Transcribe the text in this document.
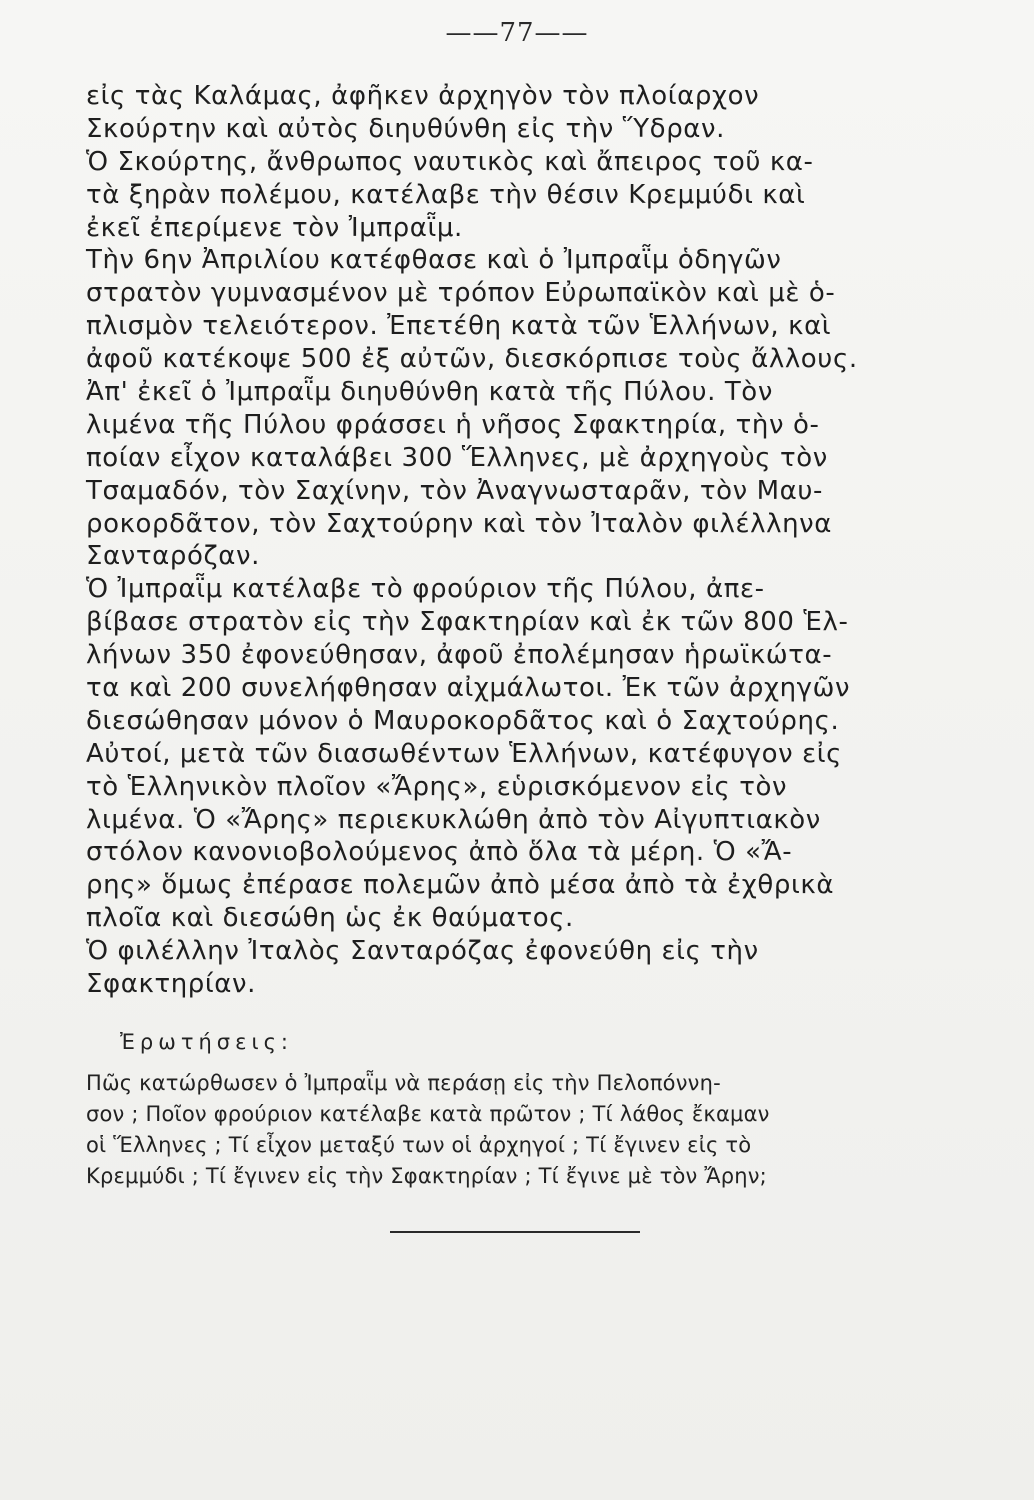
——77——
εἰς τὰς Καλάμας, ἀφῆκεν ἀρχηγὸν τὸν πλοίαρχον
Σκούρτην καὶ αὐτὸς διηυθύνθη εἰς τὴν Ὕδραν.
Ὁ Σκούρτης, ἄνθρωπος ναυτικὸς καὶ ἄπειρος τοῦ κα-
τὰ ξηρὰν πολέμου, κατέλαβε τὴν θέσιν Κρεμμύδι καὶ
ἐκεῖ ἐπερίμενε τὸν Ἰμπραῗμ.
Τὴν 6ην Ἀπριλίου κατέφθασε καὶ ὁ Ἰμπραῗμ ὁδηγῶν
στρατὸν γυμνασμένον μὲ τρόπον Εὐρωπαϊκὸν καὶ μὲ ὁ-
πλισμὸν τελειότερον. Ἐπετέθη κατὰ τῶν Ἑλλήνων, καὶ
ἀφοῦ κατέκοψε 500 ἐξ αὐτῶν, διεσκόρπισε τοὺς ἄλλους.
Ἀπ' ἐκεῖ ὁ Ἰμπραῗμ διηυθύνθη κατὰ τῆς Πύλου. Τὸν
λιμένα τῆς Πύλου φράσσει ἡ νῆσος Σφακτηρία, τὴν ὁ-
ποίαν εἶχον καταλάβει 300 Ἕλληνες, μὲ ἀρχηγοὺς τὸν
Τσαμαδόν, τὸν Σαχίνην, τὸν Ἀναγνωσταρᾶν, τὸν Μαυ-
ροκορδᾶτον, τὸν Σαχτούρην καὶ τὸν Ἰταλὸν φιλέλληνα
Σανταρόζαν.
Ὁ Ἰμπραῗμ κατέλαβε τὸ φρούριον τῆς Πύλου, ἀπε-
βίβασε στρατὸν εἰς τὴν Σφακτηρίαν καὶ ἐκ τῶν 800 Ἑλ-
λήνων 350 ἐφονεύθησαν, ἀφοῦ ἐπολέμησαν ἡρωϊκώτα-
τα καὶ 200 συνελήφθησαν αἰχμάλωτοι. Ἐκ τῶν ἀρχηγῶν
διεσώθησαν μόνον ὁ Μαυροκορδᾶτος καὶ ὁ Σαχτούρης.
Αὐτοί, μετὰ τῶν διασωθέντων Ἑλλήνων, κατέφυγον εἰς
τὸ Ἑλληνικὸν πλοῖον «Ἄρης», εὑρισκόμενον εἰς τὸν
λιμένα. Ὁ «Ἄρης» περιεκυκλώθη ἀπὸ τὸν Αἰγυπτιακὸν
στόλον κανονιοβολούμενος ἀπὸ ὅλα τὰ μέρη. Ὁ «Ἄ-
ρης» ὅμως ἐπέρασε πολεμῶν ἀπὸ μέσα ἀπὸ τὰ ἐχθρικὰ
πλοῖα καὶ διεσώθη ὡς ἐκ θαύματος.
Ὁ φιλέλλην Ἰταλὸς Σανταρόζας ἐφονεύθη εἰς τὴν
Σφακτηρίαν.
Ἐρωτήσεις:
Πῶς κατώρθωσεν ὁ Ἰμπραῗμ νὰ περάσῃ εἰς τὴν Πελοπόννη-
σον ; Ποῖον φρούριον κατέλαβε κατὰ πρῶτον ; Τί λάθος ἔκαμαν
οἱ Ἕλληνες ; Τί εἶχον μεταξύ των οἱ ἀρχηγοί ; Τί ἔγινεν εἰς τὸ
Κρεμμύδι ; Τί ἔγινεν εἰς τὴν Σφακτηρίαν ; Τί ἔγινε μὲ τὸν Ἄρην;
